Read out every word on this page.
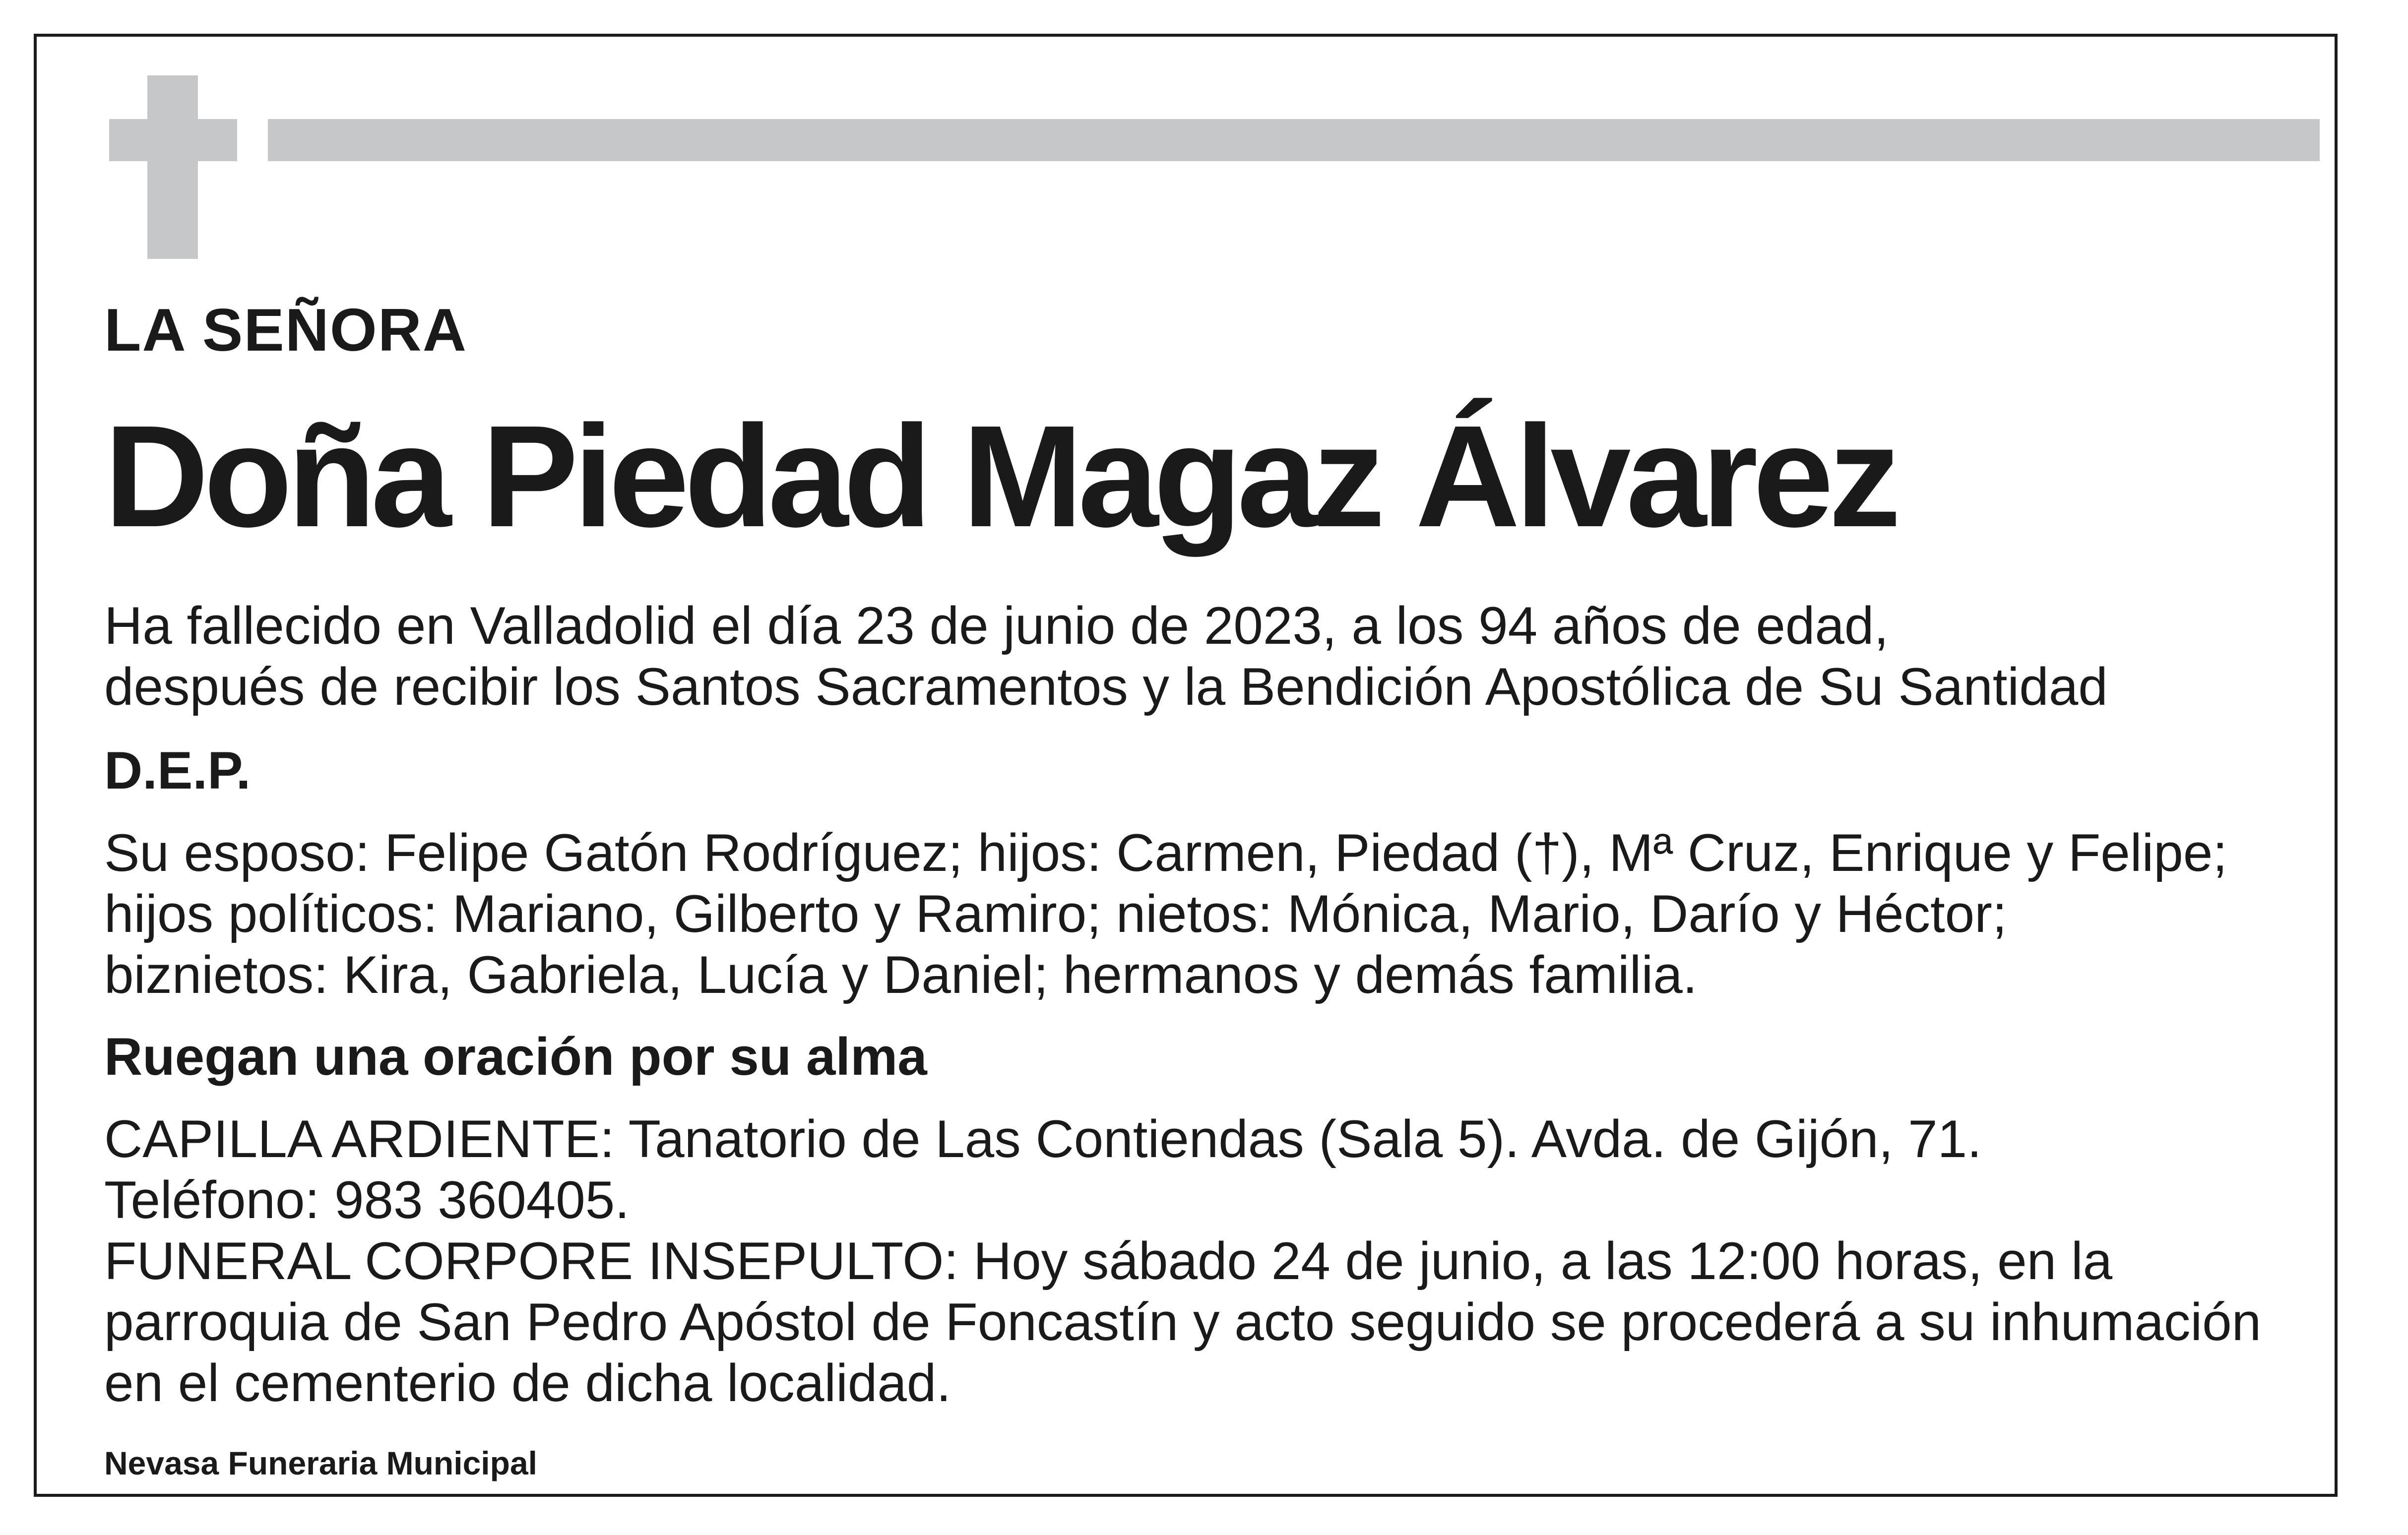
LA SEÑORA

Doña Piedad Magaz Álvarez

Ha fallecido en Valladolid el día 23 de junio de 2023, a los 94 años de edad,
después de recibir los Santos Sacramentos y la Bendición Apostólica de Su Santidad

D.E.P.

Su esposo: Felipe Gatón Rodríguez; hijos: Carmen, Piedad (†), Mª Cruz, Enrique y Felipe;
hijos políticos: Mariano, Gilberto y Ramiro; nietos: Mónica, Mario, Darío y Héctor;
biznietos: Kira, Gabriela, Lucía y Daniel; hermanos y demás familia.

Ruegan una oración por su alma

CAPILLA ARDIENTE: Tanatorio de Las Contiendas (Sala 5). Avda. de Gijón, 71.
Teléfono: 983 360405.
FUNERAL CORPORE INSEPULTO: Hoy sábado 24 de junio, a las 12:00 horas, en la
parroquia de San Pedro Apóstol de Foncastín y acto seguido se procederá a su inhumación
en el cementerio de dicha localidad.

Nevasa Funeraria Municipal
